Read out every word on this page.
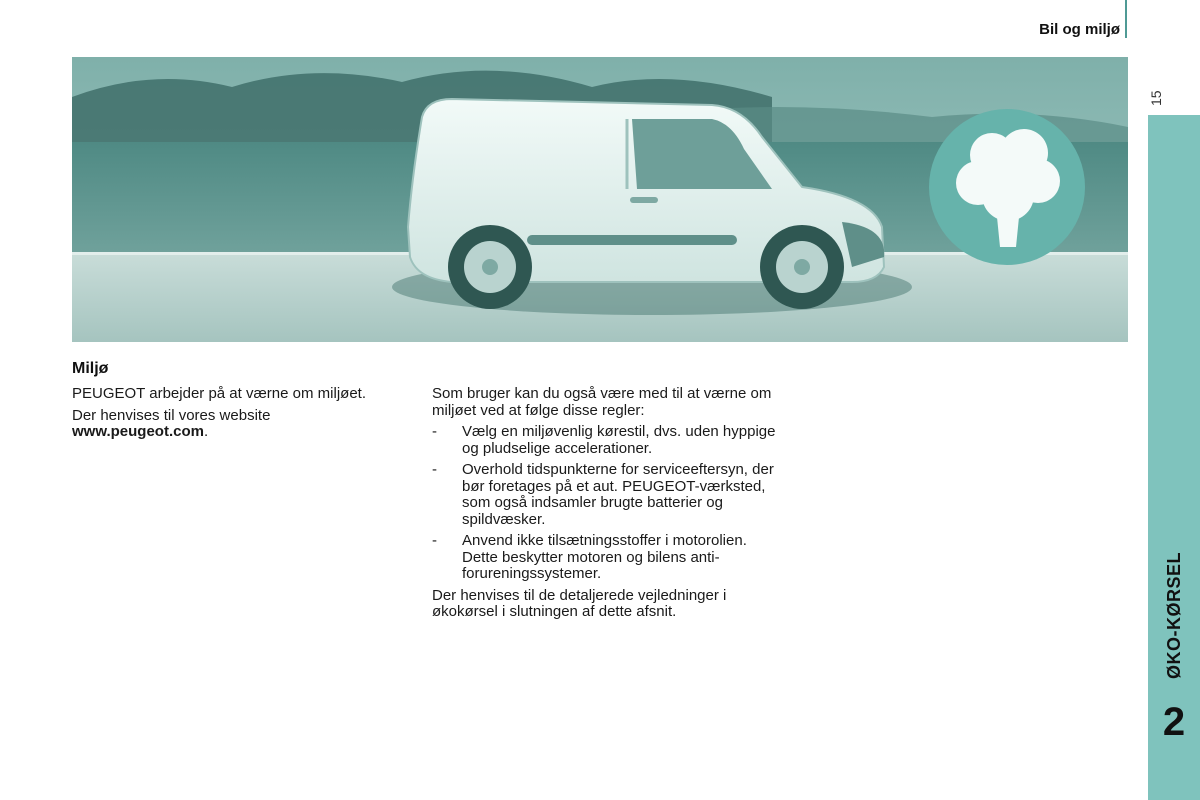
Bil og miljø
15
ØKO-KØRSEL
2
Miljø

PEUGEOT arbejder på at værne om miljøet.

Der henvises til vores website
www.peugeot.com.

Som bruger kan du også være med til at værne om miljøet ved at følge disse regler:

-	Vælg en miljøvenlig kørestil, dvs. uden hyppige og pludselige accelerationer.
-	Overhold tidspunkterne for serviceeftersyn, der bør foretages på et aut. PEUGEOT-værksted, som også indsamler brugte batterier og spildvæsker.
-	Anvend ikke tilsætningsstoffer i motorolien. Dette beskytter motoren og bilens anti-forureningssystemer.

Der henvises til de detaljerede vejledninger i økokørsel i slutningen af dette afsnit.
